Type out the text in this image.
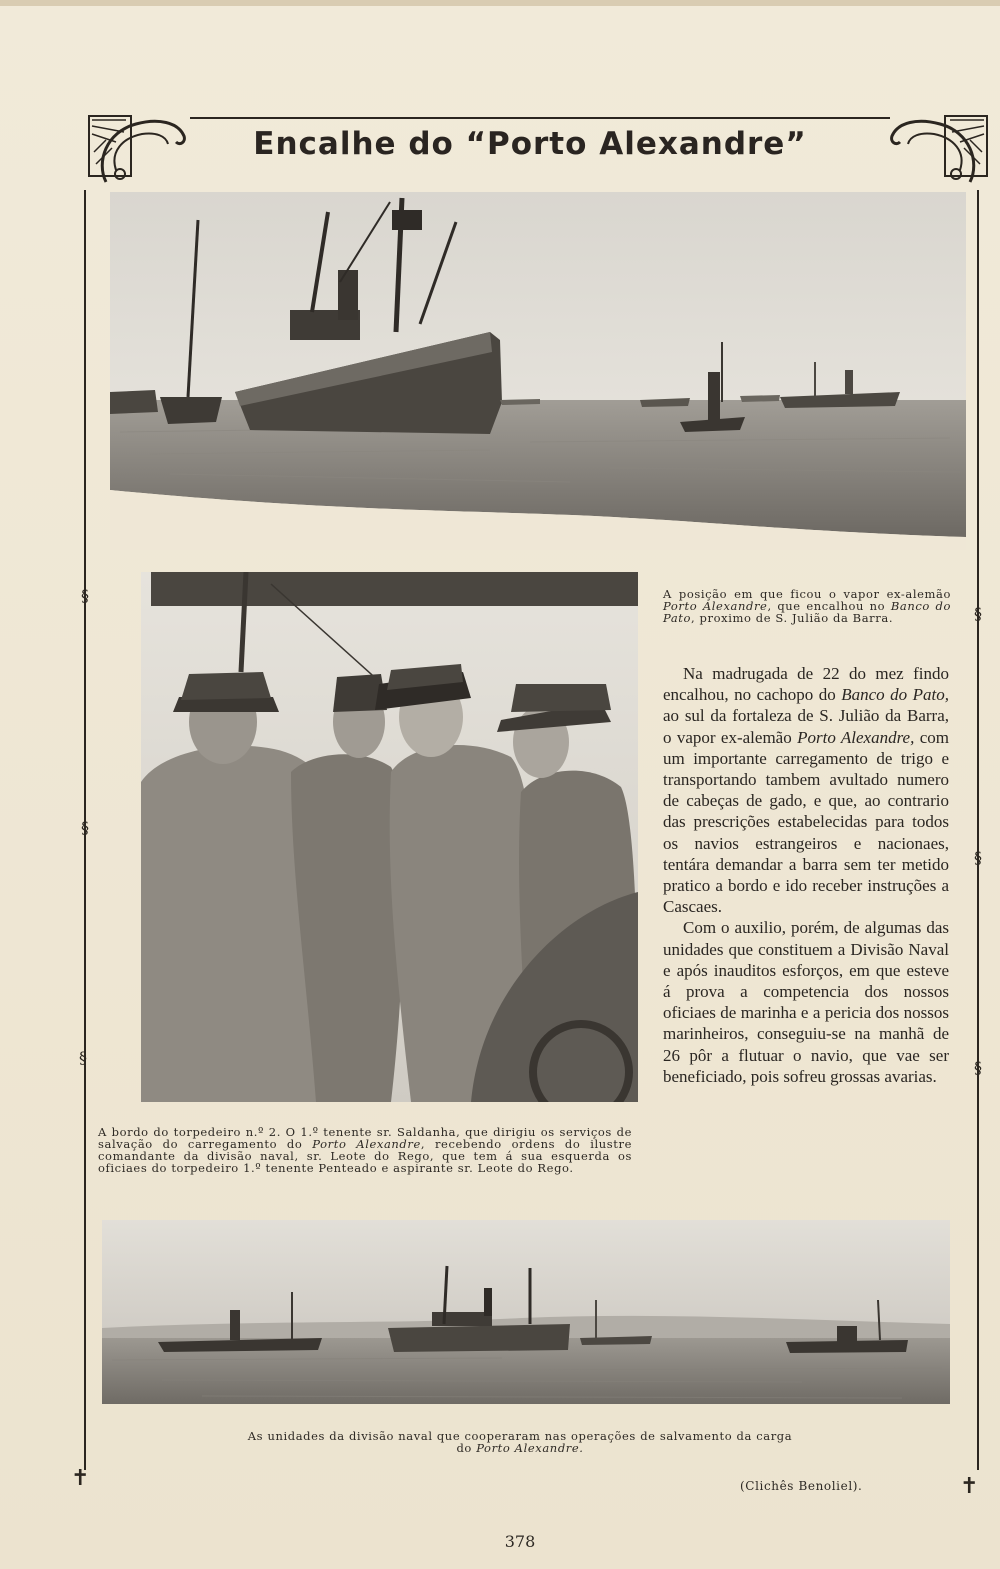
§
§
§
§
§
§
✝	✝
Encalhe do “Porto Alexandre”
A posição em que ficou o vapor ex-alemão Porto Alexandre, que encalhou no Banco do Pato, proximo de S. Julião da Barra.
A bordo do torpedeiro n.º 2. O 1.º tenente sr. Saldanha, que dirigiu os serviços de salvação do carregamento do Porto Alexandre, recebendo ordens do ilustre comandante da divisão naval, sr. Leote do Rego, que tem á sua esquerda os oficiaes do torpedeiro 1.º tenente Penteado e aspirante sr. Leote do Rego.

Na madrugada de 22 do mez findo encalhou, no cachopo do Banco do Pato, ao sul da fortaleza de S. Julião da Barra, o vapor ex-alemão Porto Alexandre, com um importante carregamento de trigo e transportando tambem avultado numero de cabeças de gado, e que, ao contrario das prescrições estabelecidas para todos os navios estrangeiros e nacionaes, tentára demandar a barra sem ter metido pratico a bordo e ido receber instruções a Cascaes.

Com o auxilio, porém, de algumas das unidades que constituem a Divisão Naval e após inauditos esforços, em que esteve á prova a competencia dos nossos oficiaes de marinha e a pericia dos nossos marinheiros, conseguiu-se na manhã de 26 pôr a flutuar o navio, que vae ser beneficiado, pois sofreu grossas avarias.

As unidades da divisão naval que cooperaram nas operações de salvamento da carga
do Porto Alexandre.
(Clichês Benoliel).
378
